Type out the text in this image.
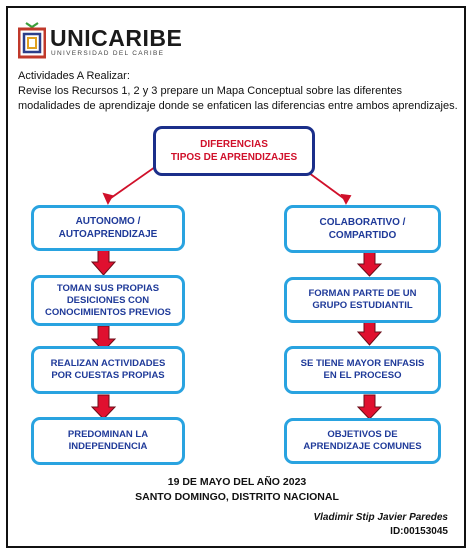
UNICARIBE
UNIVERSIDAD DEL CARIBE
Actividades A Realizar:
Revise los Recursos 1, 2 y 3 prepare un Mapa Conceptual sobre las diferentes modalidades de aprendizaje donde se enfaticen las diferencias entre ambos aprendizajes.
DIFERENCIAS
TIPOS DE APRENDIZAJES
AUTONOMO /
AUTOAPRENDIZAJE
TOMAN SUS PROPIAS DESICIONES CON CONOCIMIENTOS PREVIOS
REALIZAN ACTIVIDADES POR CUESTAS PROPIAS
PREDOMINAN LA INDEPENDENCIA
COLABORATIVO /
COMPARTIDO
FORMAN PARTE DE UN GRUPO ESTUDIANTIL
SE TIENE MAYOR ENFASIS EN EL PROCESO
OBJETIVOS DE APRENDIZAJE COMUNES
19 DE MAYO DEL AÑO 2023
SANTO DOMINGO, DISTRITO NACIONAL
Vladimir Stip Javier Paredes
ID:00153045
